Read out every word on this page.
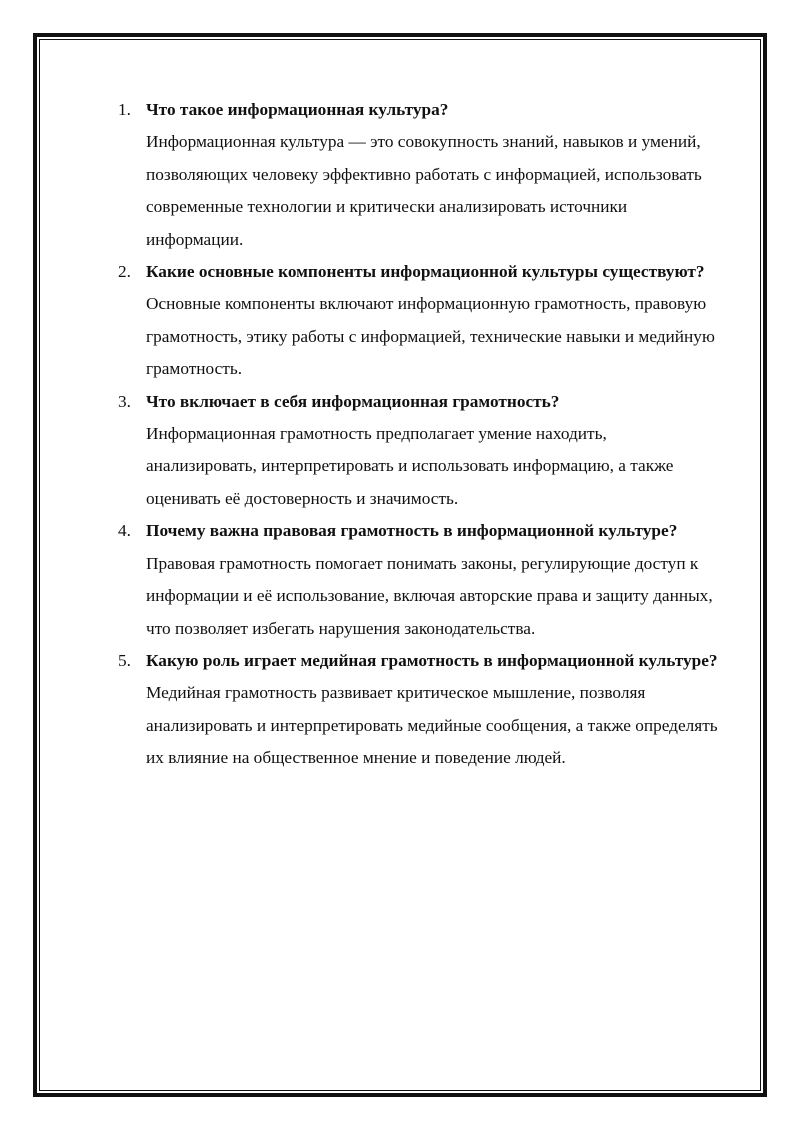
1. Что такое информационная культура?
Информационная культура — это совокупность знаний, навыков и умений, позволяющих человеку эффективно работать с информацией, использовать современные технологии и критически анализировать источники информации.
2. Какие основные компоненты информационной культуры существуют?
Основные компоненты включают информационную грамотность, правовую грамотность, этику работы с информацией, технические навыки и медийную грамотность.
3. Что включает в себя информационная грамотность?
Информационная грамотность предполагает умение находить, анализировать, интерпретировать и использовать информацию, а также оценивать её достоверность и значимость.
4. Почему важна правовая грамотность в информационной культуре?
Правовая грамотность помогает понимать законы, регулирующие доступ к информации и её использование, включая авторские права и защиту данных, что позволяет избегать нарушения законодательства.
5. Какую роль играет медийная грамотность в информационной культуре?
Медийная грамотность развивает критическое мышление, позволяя анализировать и интерпретировать медийные сообщения, а также определять их влияние на общественное мнение и поведение людей.
